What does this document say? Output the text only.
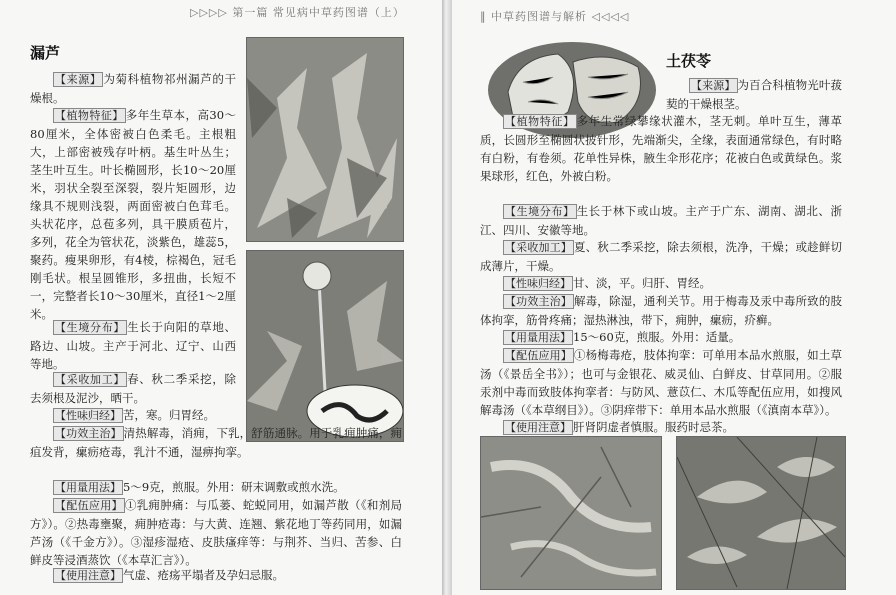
▷▷▷▷ 第一篇 常见病中草药图谱（上）
漏芦

【来源】 为菊科植物祁州漏芦的干燥根。

【植物特征】 多年生草本，高30～80厘米，全体密被白色柔毛。主根粗大，上部密被残存叶柄。基生叶丛生；茎生叶互生。叶长椭圆形，长10～20厘米，羽状全裂至深裂，裂片矩圆形，边缘具不规则浅裂，两面密被白色茸毛。头状花序，总苞多列，具干膜质苞片，多列，花全为管状花，淡紫色，雄蕊5，聚药。瘦果卵形，有4棱，棕褐色，冠毛刚毛状。根呈圆锥形，多扭曲，长短不一，完整者长10～30厘米，直径1～2厘米。

【生境分布】 生长于向阳的草地、路边、山坡。主产于河北、辽宁、山西等地。

【采收加工】 春、秋二季采挖，除去须根及泥沙，晒干。

【性味归经】 苦，寒。归胃经。

【功效主治】 清热解毒，消痈，下乳，舒筋通脉。用于乳痈肿痛，痈疽发背，瘰疬疮毒，乳汁不通，湿痹拘挛。

【用量用法】 5～9克，煎服。外用：研末调敷或煎水洗。

【配伍应用】 ①乳痈肿痛：与瓜蒌、蛇蜕同用，如漏芦散（《和剂局方》）。②热毒壅聚，痈肿疮毒：与大黄、连翘、紫花地丁等药同用，如漏芦汤（《千金方》）。③湿疹湿疮、皮肤瘙痒等：与荆芥、当归、苦参、白鲜皮等浸酒蒸饮（《本草汇言》）。

【使用注意】 气虚、疮疡平塌者及孕妇忌服。

‖ 中草药图谱与解析 ◁◁◁◁
土茯苓

【来源】 为百合科植物光叶菝葜的干燥根茎。

【植物特征】 多年生常绿攀缘状灌木，茎无刺。单叶互生，薄革质，长圆形至椭圆状披针形，先端渐尖，全缘，表面通常绿色，有时略有白粉，有卷须。花单性异株，腋生伞形花序；花被白色或黄绿色。浆果球形，红色，外被白粉。

【生境分布】 生长于林下或山坡。主产于广东、湖南、湖北、浙江、四川、安徽等地。

【采收加工】 夏、秋二季采挖，除去须根，洗净，干燥；或趁鲜切成薄片，干燥。

【性味归经】 甘、淡，平。归肝、胃经。

【功效主治】 解毒，除湿，通利关节。用于梅毒及汞中毒所致的肢体拘挛，筋骨疼痛；湿热淋浊，带下，痈肿，瘰疬，疥癣。

【用量用法】 15～60克，煎服。外用：适量。

【配伍应用】 ①杨梅毒疮，肢体拘挛：可单用本品水煎服，如土草汤（《景岳全书》）；也可与金银花、威灵仙、白鲜皮、甘草同用。②服汞剂中毒而致肢体拘挛者：与防风、薏苡仁、木瓜等配伍应用，如搜风解毒汤（《本草纲目》）。③阴痒带下：单用本品水煎服（《滇南本草》）。

【使用注意】 肝肾阴虚者慎服。服药时忌茶。
